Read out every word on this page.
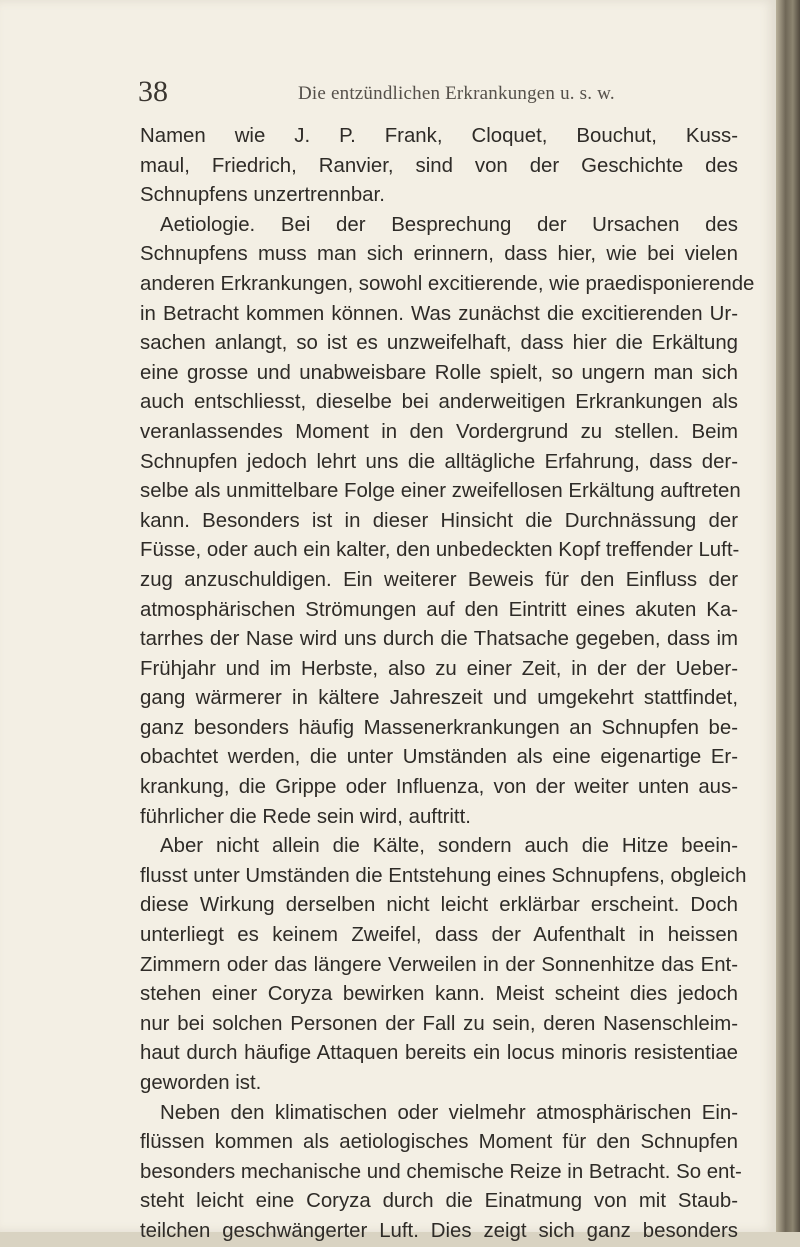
38	Die entzündlichen Erkrankungen u. s. w.
Namen wie J. P. Frank, Cloquet, Bouchut, Kuss-
maul, Friedrich, Ranvier, sind von der Geschichte des
Schnupfens unzertrennbar.
Aetiologie. Bei der Besprechung der Ursachen des
Schnupfens muss man sich erinnern, dass hier, wie bei vielen
anderen Erkrankungen, sowohl excitierende, wie praedisponierende
in Betracht kommen können. Was zunächst die excitierenden Ur-
sachen anlangt, so ist es unzweifelhaft, dass hier die Erkältung
eine grosse und unabweisbare Rolle spielt, so ungern man sich
auch entschliesst, dieselbe bei anderweitigen Erkrankungen als
veranlassendes Moment in den Vordergrund zu stellen. Beim
Schnupfen jedoch lehrt uns die alltägliche Erfahrung, dass der-
selbe als unmittelbare Folge einer zweifellosen Erkältung auftreten
kann. Besonders ist in dieser Hinsicht die Durchnässung der
Füsse, oder auch ein kalter, den unbedeckten Kopf treffender Luft-
zug anzuschuldigen. Ein weiterer Beweis für den Einfluss der
atmosphärischen Strömungen auf den Eintritt eines akuten Ka-
tarrhes der Nase wird uns durch die Thatsache gegeben, dass im
Frühjahr und im Herbste, also zu einer Zeit, in der der Ueber-
gang wärmerer in kältere Jahreszeit und umgekehrt stattfindet,
ganz besonders häufig Massenerkrankungen an Schnupfen be-
obachtet werden, die unter Umständen als eine eigenartige Er-
krankung, die Grippe oder Influenza, von der weiter unten aus-
führlicher die Rede sein wird, auftritt.
Aber nicht allein die Kälte, sondern auch die Hitze beein-
flusst unter Umständen die Entstehung eines Schnupfens, obgleich
diese Wirkung derselben nicht leicht erklärbar erscheint. Doch
unterliegt es keinem Zweifel, dass der Aufenthalt in heissen
Zimmern oder das längere Verweilen in der Sonnenhitze das Ent-
stehen einer Coryza bewirken kann. Meist scheint dies jedoch
nur bei solchen Personen der Fall zu sein, deren Nasenschleim-
haut durch häufige Attaquen bereits ein locus minoris resistentiae
geworden ist.
Neben den klimatischen oder vielmehr atmosphärischen Ein-
flüssen kommen als aetiologisches Moment für den Schnupfen
besonders mechanische und chemische Reize in Betracht. So ent-
steht leicht eine Coryza durch die Einatmung von mit Staub-
teilchen geschwängerter Luft. Dies zeigt sich ganz besonders
